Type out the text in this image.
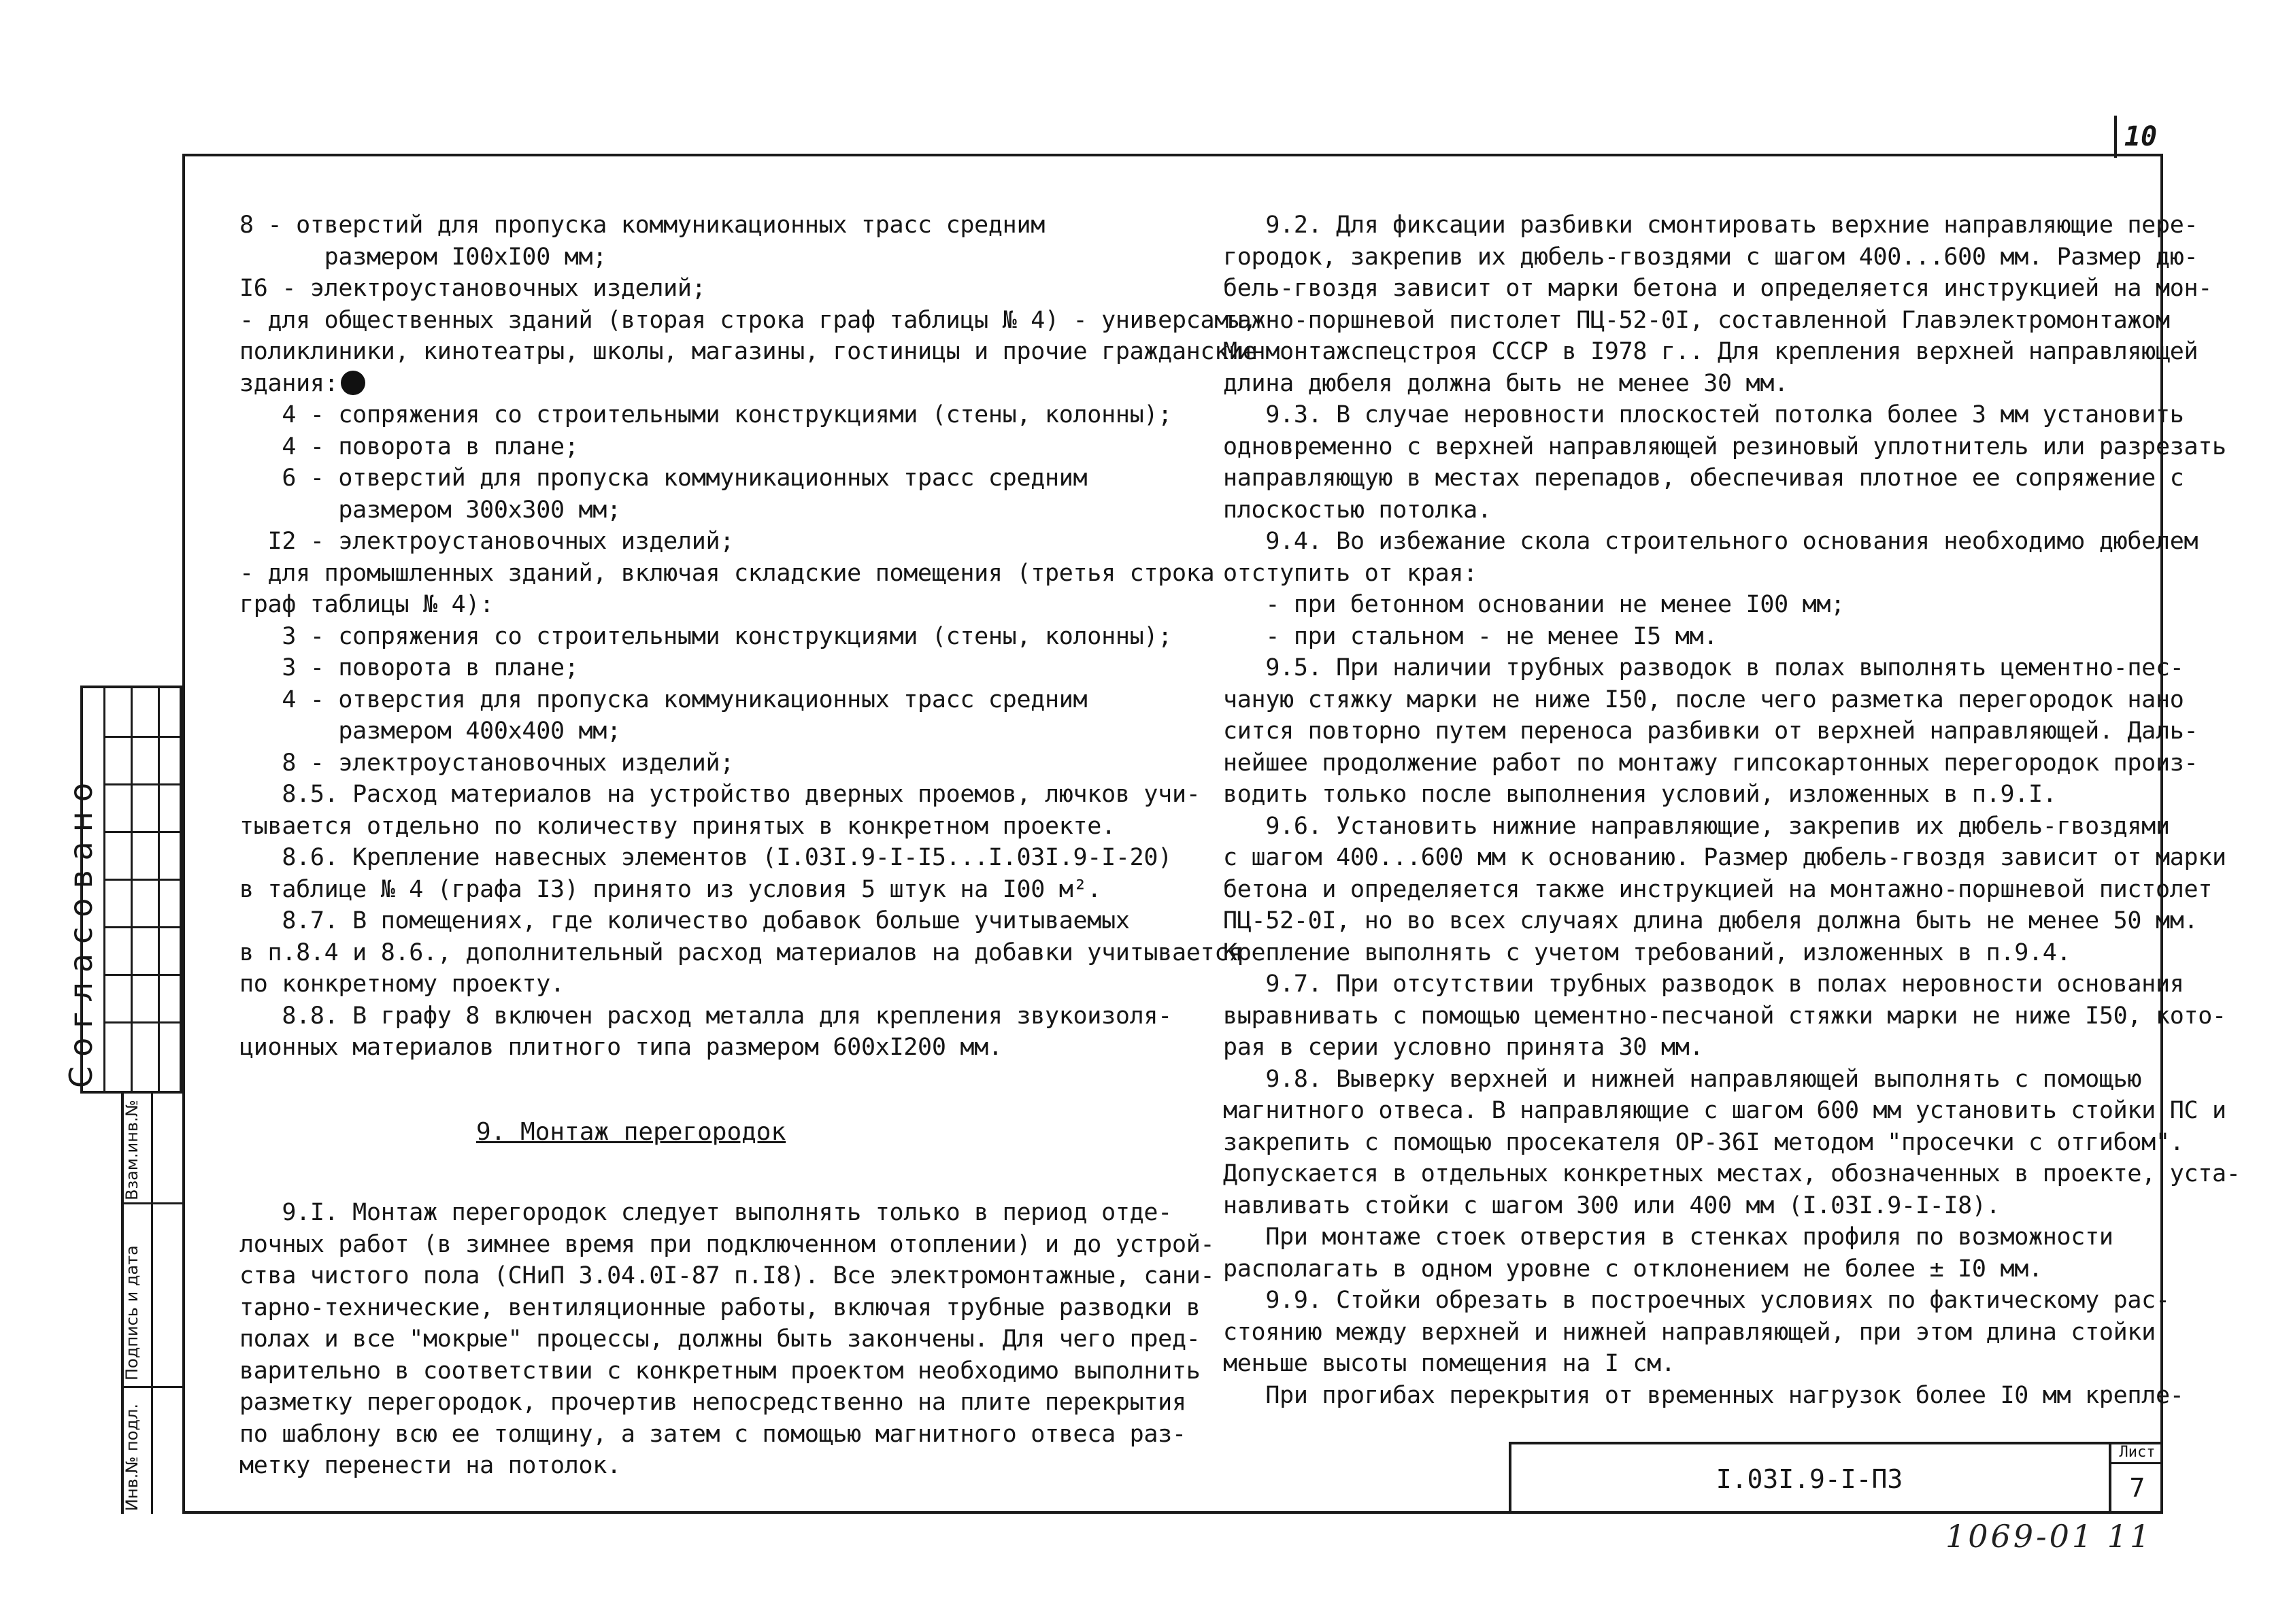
10
8 - отверстий для пропуска коммуникационных трасс средним
размером I00хI00 мм;
I6 - электроустановочных изделий;
- для общественных зданий (вторая строка граф таблицы № 4) - универсамы,
поликлиники, кинотеатры, школы, магазины, гостиницы и прочие гражданские
здания:
4 - сопряжения со строительными конструкциями (стены, колонны);
4 - поворота в плане;
6 - отверстий для пропуска коммуникационных трасс средним
размером 300х300 мм;
I2 - электроустановочных изделий;
- для промышленных зданий, включая складские помещения (третья строка
граф таблицы № 4):
3 - сопряжения со строительными конструкциями (стены, колонны);
3 - поворота в плане;
4 - отверстия для пропуска коммуникационных трасс средним
размером 400х400 мм;
8 - электроустановочных изделий;
8.5. Расход материалов на устройство дверных проемов, лючков учи-
тывается отдельно по количеству принятых в конкретном проекте.
8.6. Крепление навесных элементов (I.03I.9-I-I5...I.03I.9-I-20)
в таблице № 4 (графа I3) принято из условия 5 штук на I00 м².
8.7. В помещениях, где количество добавок больше учитываемых
в п.8.4 и 8.6., дополнительный расход материалов на добавки учитывается
по конкретному проекту.
8.8. В графу 8 включен расход металла для крепления звукоизоля-
ционных материалов плитного типа размером 600хI200 мм.
9. Монтаж перегородок
9.I. Монтаж перегородок следует выполнять только в период отде-
лочных работ (в зимнее время при подключенном отоплении) и до устрой-
ства чистого пола (СНиП 3.04.0I-87 п.I8). Все электромонтажные, сани-
тарно-технические, вентиляционные работы, включая трубные разводки в
полах и все "мокрые" процессы, должны быть закончены. Для чего пред-
варительно в соответствии с конкретным проектом необходимо выполнить
разметку перегородок, прочертив непосредственно на плите перекрытия
по шаблону всю ее толщину, а затем с помощью магнитного отвеса раз-
метку перенести на потолок.
9.2. Для фиксации разбивки смонтировать верхние направляющие пере-
городок, закрепив их дюбель-гвоздями с шагом 400...600 мм. Размер дю-
бель-гвоздя зависит от марки бетона и определяется инструкцией на мон-
тажно-поршневой пистолет ПЦ-52-0I, составленной Главэлектромонтажом
Минмонтажспецстроя СССР в I978 г.. Для крепления верхней направляющей
длина дюбеля должна быть не менее 30 мм.
9.3. В случае неровности плоскостей потолка более 3 мм установить
одновременно с верхней направляющей резиновый уплотнитель или разрезать
направляющую в местах перепадов, обеспечивая плотное ее сопряжение с
плоскостью потолка.
9.4. Во избежание скола строительного основания необходимо дюбелем
отступить от края:
- при бетонном основании не менее I00 мм;
- при стальном - не менее I5 мм.
9.5. При наличии трубных разводок в полах выполнять цементно-пес-
чаную стяжку марки не ниже I50, после чего разметка перегородок нано
сится повторно путем переноса разбивки от верхней направляющей. Даль-
нейшее продолжение работ по монтажу гипсокартонных перегородок произ-
водить только после выполнения условий, изложенных в п.9.I.
9.6. Установить нижние направляющие, закрепив их дюбель-гвоздями
с шагом 400...600 мм к основанию. Размер дюбель-гвоздя зависит от марки
бетона и определяется также инструкцией на монтажно-поршневой пистолет
ПЦ-52-0I, но во всех случаях длина дюбеля должна быть не менее 50 мм.
Крепление выполнять с учетом требований, изложенных в п.9.4.
9.7. При отсутствии трубных разводок в полах неровности основания
выравнивать с помощью цементно-песчаной стяжки марки не ниже I50, кото-
рая в серии условно принята 30 мм.
9.8. Выверку верхней и нижней направляющей выполнять с помощью
магнитного отвеса. В направляющие с шагом 600 мм установить стойки ПС и
закрепить с помощью просекателя ОР-36I методом "просечки с отгибом".
Допускается в отдельных конкретных местах, обозначенных в проекте, уста-
навливать стойки с шагом 300 или 400 мм (I.03I.9-I-I8).
При монтаже стоек отверстия в стенках профиля по возможности
располагать в одном уровне с отклонением не более ± I0 мм.
9.9. Стойки обрезать в построечных условиях по фактическому рас-
стоянию между верхней и нижней направляющей, при этом длина стойки
меньше высоты помещения на I см.
При прогибах перекрытия от временных нагрузок более I0 мм крепле-
I.03I.9-I-ПЗ
Лист
7
1069-01 11
Согласовано
Взам.инв.№
Подпись и дата
Инв.№ подл.
